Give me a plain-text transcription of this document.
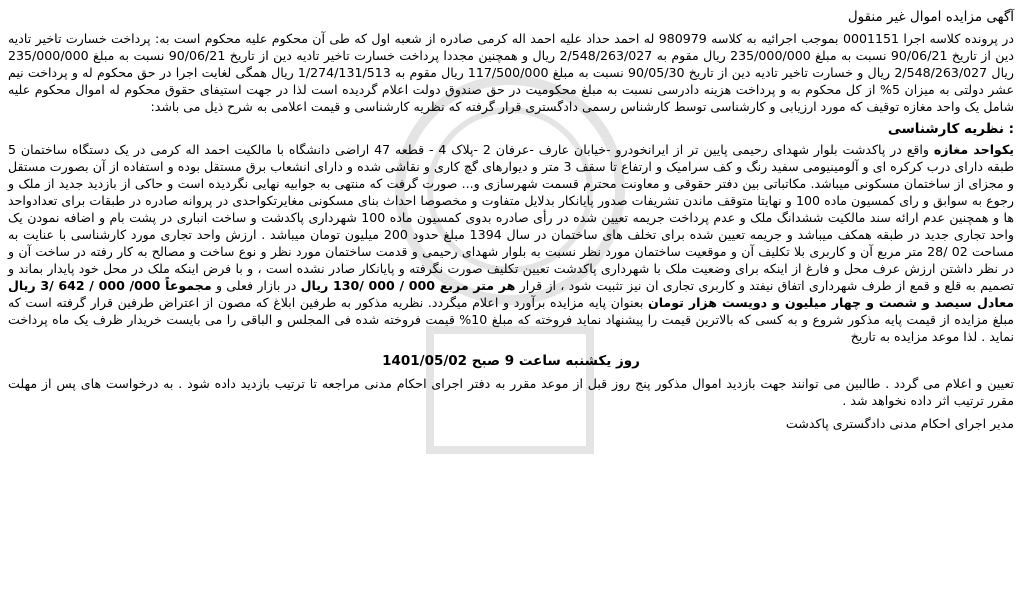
آگهی مزایده اموال غیر منقول

در پرونده کلاسه اجرا 0001151 بموجب اجرائیه به کلاسه 980979 له احمد حداد علیه احمد اله کرمی صادره از شعبه اول که طی آن محکوم علیه محکوم است به: پرداخت خسارت تاخیر تادیه دین از تاریخ 90/06/21 نسبت به مبلغ 235/000/000 ریال مقوم به 2/548/263/027 ریال و همچنین مجددا پرداخت خسارت تاخیر تادیه دین از تاریخ 90/06/21 نسبت به مبلغ 235/000/000 ریال 2/548/263/027 ریال و خسارت تاخیر تادیه دین از تاریخ 90/05/30 نسبت به مبلغ 117/500/000 ریال مقوم به 1/274/131/513 ریال همگی لغایت اجرا در حق محکوم له و پرداخت نیم عشر دولتی به میزان 5% از کل محکوم به و پرداخت هزینه دادرسی نسبت به مبلغ محکومیت در حق صندوق دولت اعلام گردیده است لذا در جهت استیفای حقوق محکوم له اموال محکوم علیه شامل یک واحد مغازه توقیف که مورد ارزیابی و کارشناسی توسط کارشناس رسمی دادگستری قرار گرفته که نظریه کارشناسی و قیمت اعلامی به شرح ذیل می باشد:

: نظریه کارشناسی

یکواحد مغازه واقع در پاکدشت بلوار شهدای رحیمی پایین تر از ایرانخودرو -خیابان عارف -عرفان 2 -پلاک 4 - قطعه 47 اراضی دانشگاه با مالکیت احمد اله کرمی در یک دستگاه ساختمان 5 طبقه دارای درب کرکره ای و آلومینیومی سفید رنگ و کف سرامیک و ارتفاع تا سقف 3 متر و دیوارهای گچ کاری و نقاشی شده و دارای انشعاب برق مستقل بوده و استفاده از آن بصورت مستقل و مجزای از ساختمان مسکونی میباشد. مکاتباتی بین دفتر حقوقی و معاونت محترم قسمت شهرسازی و... صورت گرفت که منتهی به جوابیه نهایی نگردیده است و حاکی از بازدید جدید از ملک و رجوع به سوابق و رای کمسیون ماده 100 و نهایتا متوقف ماندن تشریفات صدور پایانکار بدلایل متفاوت و مخصوصا احداث بنای مسکونی مغایرتکواحدی در پروانه صادره در طبقات برای تعدادواحد ها و همچنین عدم ارائه سند مالکیت ششدانگ ملک و عدم پرداخت جریمه تعیین شده در رأی صادره بدوی کمسیون ماده 100 شهرداری پاکدشت و ساخت انباری در پشت بام و اضافه نمودن یک واحد تجاری جدید در طبقه همکف میباشد و جریمه تعیین شده برای تخلف های ساختمان در سال 1394 مبلغ حدود 200 میلیون تومان میباشد . ارزش واحد تجاری مورد کارشناسی با عنایت به مساحت 02 /28 متر مربع آن و کاربری بلا تکلیف آن و موقعیت ساختمان مورد نظر نسبت به بلوار شهدای رحیمی و قدمت ساختمان مورد نظر و نوع ساخت و مصالح به کار رفته در ساخت آن و در نظر داشتن ارزش عرف محل و فارغ از اینکه برای وضعیت ملک با شهرداری پاکدشت تعیین تکلیف صورت نگرفته و پایانکار صادر نشده است ، و با فرض اینکه ملک در محل خود پایدار بماند و تصمیم به قلع و قمع از طرف شهرداری اتفاق نیفتد و کاربری تجاری ان نیز تثبیت شود ، از قرار هر متر مربع 000 / 000 /130 ریال در بازار فعلی و مجموعاً 000/ 000 / 642 /3 ریال معادل سیصد و شصت و چهار میلیون و دویست هزار تومان بعنوان پایه مزایده برآورد و اعلام میگردد. نظریه مذکور به طرفین ابلاغ که مصون از اعتراض طرفین قرار گرفته است که مبلغ مزایده از قیمت پایه مذکور شروع و به کسی که بالاترین قیمت را پیشنهاد نماید فروخته که مبلغ 10% قیمت فروخته شده فی المجلس و الباقی را می بایست خریدار ظرف یک ماه پرداخت نماید . لذا موعد مزایده به تاریخ

روز یکشنبه ساعت 9 صبح 1401/05/02

تعیین و اعلام می گردد . طالبین می توانند جهت بازدید اموال مذکور پنج روز قبل از موعد مقرر به دفتر اجرای احکام مدنی مراجعه تا ترتیب بازدید داده شود . به درخواست های پس از مهلت مقرر ترتیب اثر داده نخواهد شد .

مدیر اجرای احکام مدنی دادگستری پاکدشت
